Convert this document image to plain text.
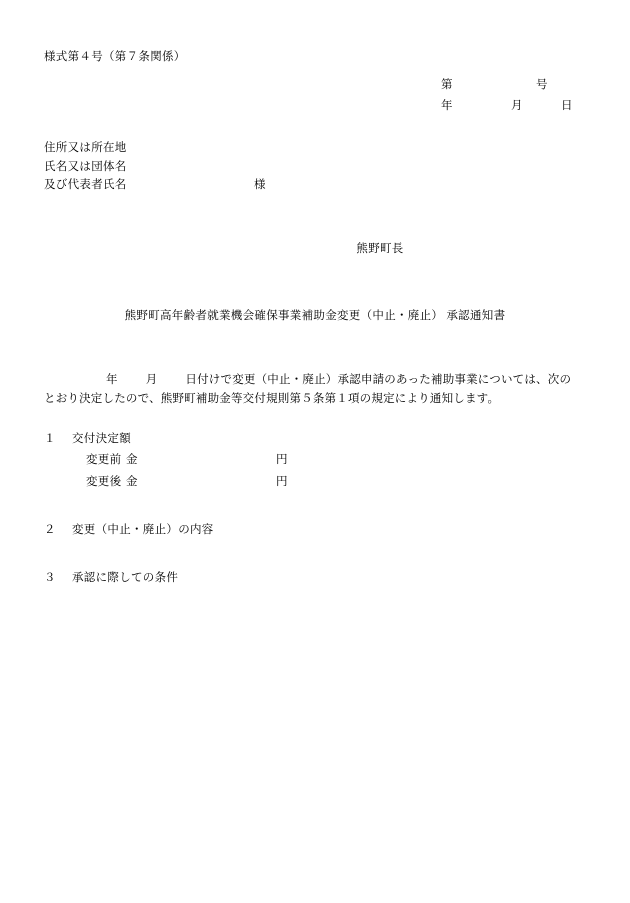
様式第４号（第７条関係）
第	号
年	月	日
住所又は所在地
氏名又は団体名
及び代表者氏名	様
熊野町長
熊野町高年齢者就業機会確保事業補助金変更（中止・廃止） 承認通知書
年 月 日付けで変更（中止・廃止）承認申請のあった補助事業については、次の
とおり決定したので、熊野町補助金等交付規則第５条第１項の規定により通知します。
１ 交付決定額
変更前 金	円
変更後 金	円
２ 変更（中止・廃止）の内容
３ 承認に際しての条件
